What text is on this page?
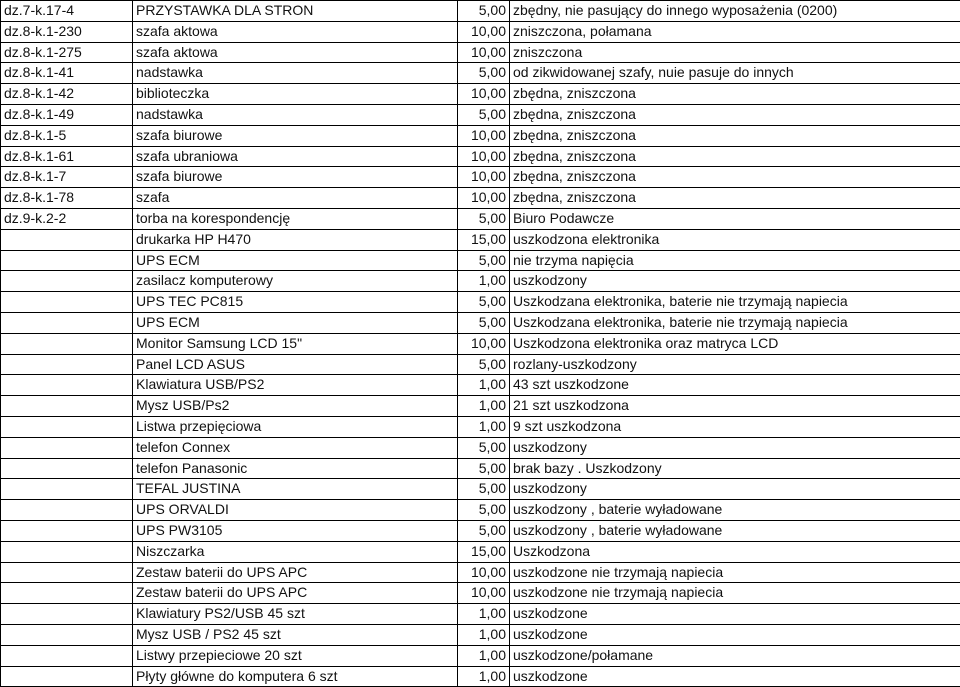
dz.7-k.17-4	PRZYSTAWKA DLA STRON	5,00	zbędny, nie pasujący do innego wyposażenia (0200)
dz.8-k.1-230	szafa aktowa	10,00	zniszczona, połamana
dz.8-k.1-275	szafa aktowa	10,00	zniszczona
dz.8-k.1-41	nadstawka	5,00	od zikwidowanej szafy, nuie pasuje do innych
dz.8-k.1-42	biblioteczka	10,00	zbędna, zniszczona
dz.8-k.1-49	nadstawka	5,00	zbędna, zniszczona
dz.8-k.1-5	szafa biurowe	10,00	zbędna, zniszczona
dz.8-k.1-61	szafa ubraniowa	10,00	zbędna, zniszczona
dz.8-k.1-7	szafa biurowe	10,00	zbędna, zniszczona
dz.8-k.1-78	szafa	10,00	zbędna, zniszczona
dz.9-k.2-2	torba na korespondencję	5,00	Biuro Podawcze
	drukarka HP H470	15,00	uszkodzona elektronika
	UPS ECM	5,00	nie trzyma napięcia
	zasilacz komputerowy	1,00	uszkodzony
	UPS TEC PC815	5,00	Uszkodzana elektronika, baterie nie trzymają napiecia
	UPS ECM	5,00	Uszkodzana elektronika, baterie nie trzymają napiecia
	Monitor Samsung LCD 15"	10,00	Uszkodzona elektronika oraz matryca LCD
	Panel LCD ASUS	5,00	rozlany-uszkodzony
	Klawiatura USB/PS2	1,00	43 szt uszkodzone
	Mysz USB/Ps2	1,00	21 szt uszkodzona
	Listwa przepięciowa	1,00	9 szt uszkodzona
	telefon Connex	5,00	uszkodzony
	telefon Panasonic	5,00	brak bazy . Uszkodzony
	TEFAL JUSTINA	5,00	uszkodzony
	UPS ORVALDI	5,00	uszkodzony , baterie wyładowane
	UPS PW3105	5,00	uszkodzony , baterie wyładowane
	Niszczarka	15,00	Uszkodzona
	Zestaw baterii do UPS APC	10,00	uszkodzone nie trzymają napiecia
	Zestaw baterii do UPS APC	10,00	uszkodzone nie trzymają napiecia
	Klawiatury PS2/USB 45 szt	1,00	uszkodzone
	Mysz USB / PS2 45 szt	1,00	uszkodzone
	Listwy przepieciowe 20 szt	1,00	uszkodzone/połamane
	Płyty główne do komputera 6 szt	1,00	uszkodzone
